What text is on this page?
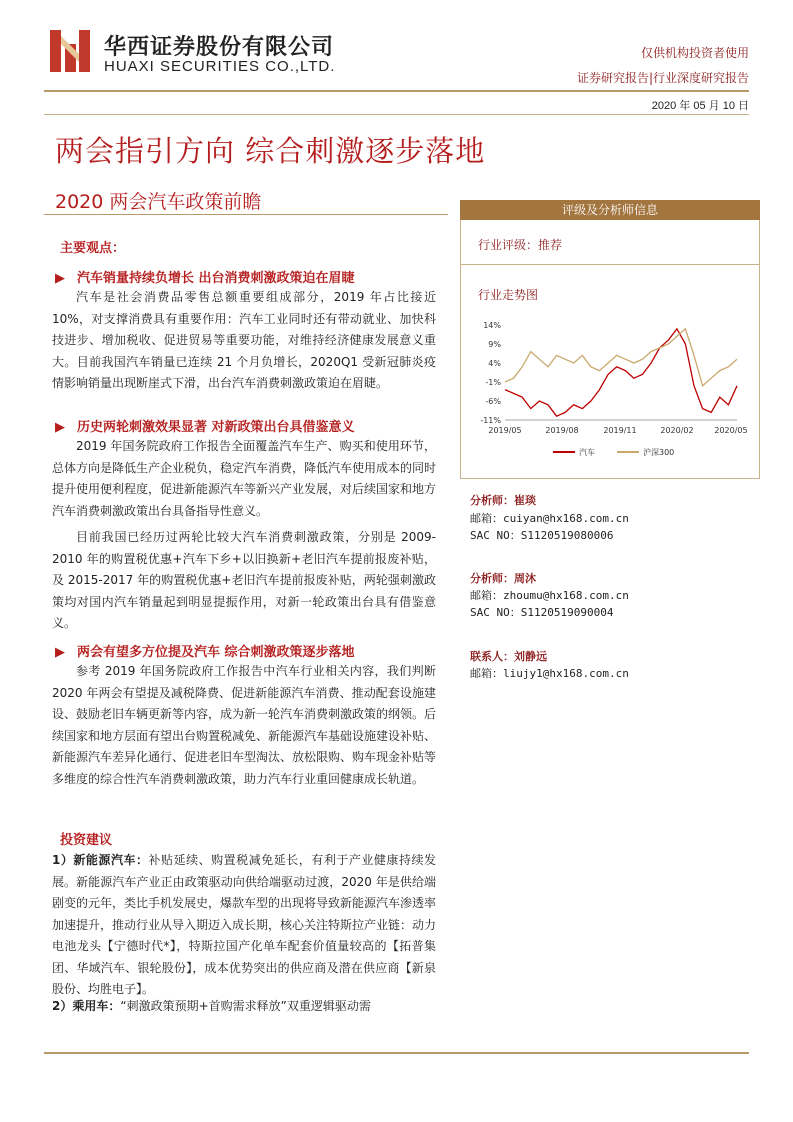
华西证券股份有限公司
HUAXI SECURITIES CO.,LTD.
仅供机构投资者使用
证券研究报告|行业深度研究报告
2020 年 05 月 10 日
两会指引方向 综合刺激逐步落地
2020 两会汽车政策前瞻	评级及分析师信息
行业评级：推荐
行业走势图
14%
9%
4%
-1%
-6%
-11%
2019/05	2019/08	2019/11	2020/02	2020/05
汽车	沪深300
分析师：崔琰
邮箱：cuiyan@hx168.com.cn
SAC NO：S1120519080006
分析师：周沐
邮箱：zhoumu@hx168.com.cn
SAC NO：S1120519090004
联系人：刘静远
邮箱：liujy1@hx168.com.cn
主要观点：
▶ 汽车销量持续负增长 出台消费刺激政策迫在眉睫
汽车是社会消费品零售总额重要组成部分，2019 年占比接近 10%，对支撑消费具有重要作用：汽车工业同时还有带动就业、加快科技进步、增加税收、促进贸易等重要功能，对维持经济健康发展意义重大。目前我国汽车销量已连续 21 个月负增长，2020Q1 受新冠肺炎疫情影响销量出现断崖式下滑，出台汽车消费刺激政策迫在眉睫。
▶ 历史两轮刺激效果显著 对新政策出台具借鉴意义
2019 年国务院政府工作报告全面覆盖汽车生产、购买和使用环节，总体方向是降低生产企业税负，稳定汽车消费，降低汽车使用成本的同时提升使用便利程度，促进新能源汽车等新兴产业发展，对后续国家和地方汽车消费刺激政策出台具备指导性意义。
目前我国已经历过两轮比较大汽车消费刺激政策，分别是 2009-2010 年的购置税优惠+汽车下乡+以旧换新+老旧汽车提前报废补贴，及 2015-2017 年的购置税优惠+老旧汽车提前报废补贴，两轮强刺激政策均对国内汽车销量起到明显提振作用，对新一轮政策出台具有借鉴意义。
▶ 两会有望多方位提及汽车 综合刺激政策逐步落地
参考 2019 年国务院政府工作报告中汽车行业相关内容，我们判断 2020 年两会有望提及减税降费、促进新能源汽车消费、推动配套设施建设、鼓励老旧车辆更新等内容，成为新一轮汽车消费刺激政策的纲领。后续国家和地方层面有望出台购置税减免、新能源汽车基础设施建设补贴、新能源汽车差异化通行、促进老旧车型淘汰、放松限购、购车现金补贴等多维度的综合性汽车消费刺激政策，助力汽车行业重回健康成长轨道。
投资建议
1）新能源汽车：补贴延续、购置税减免延长，有利于产业健康持续发展。新能源汽车产业正由政策驱动向供给端驱动过渡，2020 年是供给端剧变的元年，类比手机发展史，爆款车型的出现将导致新能源汽车渗透率加速提升，推动行业从导入期迈入成长期，核心关注特斯拉产业链：动力电池龙头【宁德时代*】，特斯拉国产化单车配套价值量较高的【拓普集团、华域汽车、银轮股份】，成本优势突出的供应商及潜在供应商【新泉股份、均胜电子】。
2）乘用车：“刺激政策预期+首购需求释放”双重逻辑驱动需
